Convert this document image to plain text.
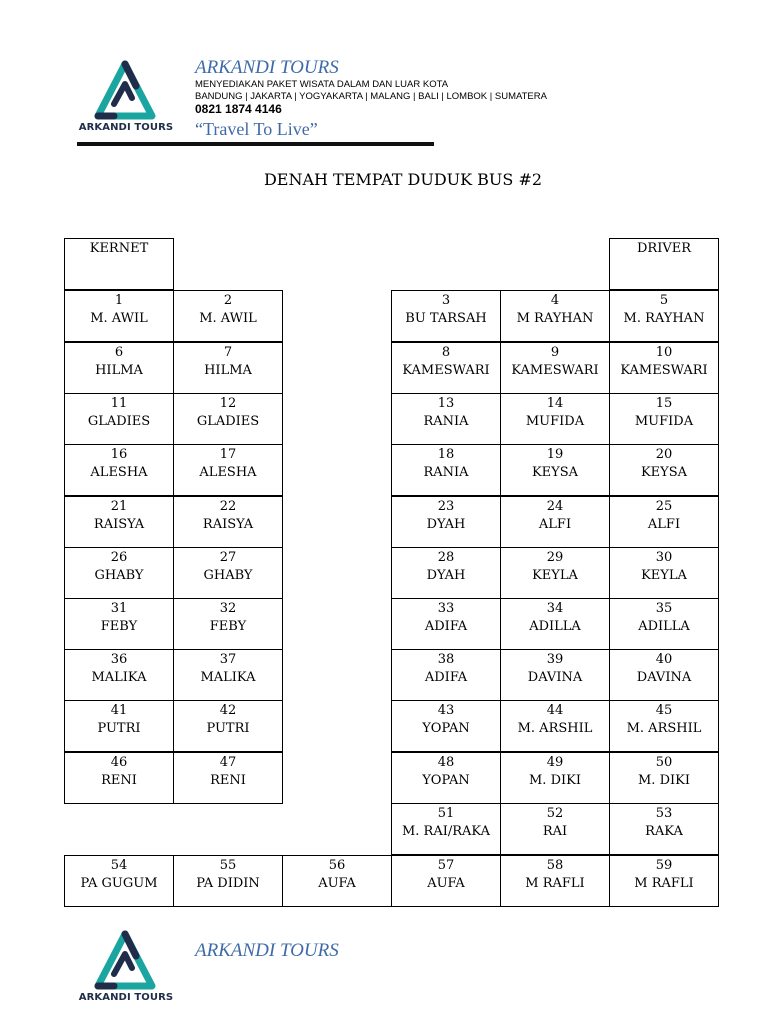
ARKANDI TOURS
ARKANDI TOURS
MENYEDIAKAN PAKET WISATA DALAM DAN LUAR KOTA
BANDUNG | JAKARTA | YOGYAKARTA | MALANG | BALI | LOMBOK | SUMATERA
0821 1874 4146
“Travel To Live”
DENAH TEMPAT DUDUK BUS #2
KERNET	DRIVER
1
M. AWIL
2
M. AWIL
3
BU TARSAH
4
M RAYHAN
5
M. RAYHAN
6
HILMA
7
HILMA
8
KAMESWARI
9
KAMESWARI
10
KAMESWARI
11
GLADIES
12
GLADIES
13
RANIA
14
MUFIDA
15
MUFIDA
16
ALESHA
17
ALESHA
18
RANIA
19
KEYSA
20
KEYSA
21
RAISYA
22
RAISYA
23
DYAH
24
ALFI
25
ALFI
26
GHABY
27
GHABY
28
DYAH
29
KEYLA
30
KEYLA
31
FEBY
32
FEBY
33
ADIFA
34
ADILLA
35
ADILLA
36
MALIKA
37
MALIKA
38
ADIFA
39
DAVINA
40
DAVINA
41
PUTRI
42
PUTRI
43
YOPAN
44
M. ARSHIL
45
M. ARSHIL
46
RENI
47
RENI
48
YOPAN
49
M. DIKI
50
M. DIKI
51
M. RAI/RAKA
52
RAI
53
RAKA
54
PA GUGUM
55
PA DIDIN
56
AUFA
57
AUFA
58
M RAFLI
59
M RAFLI
ARKANDI TOURS
ARKANDI TOURS
